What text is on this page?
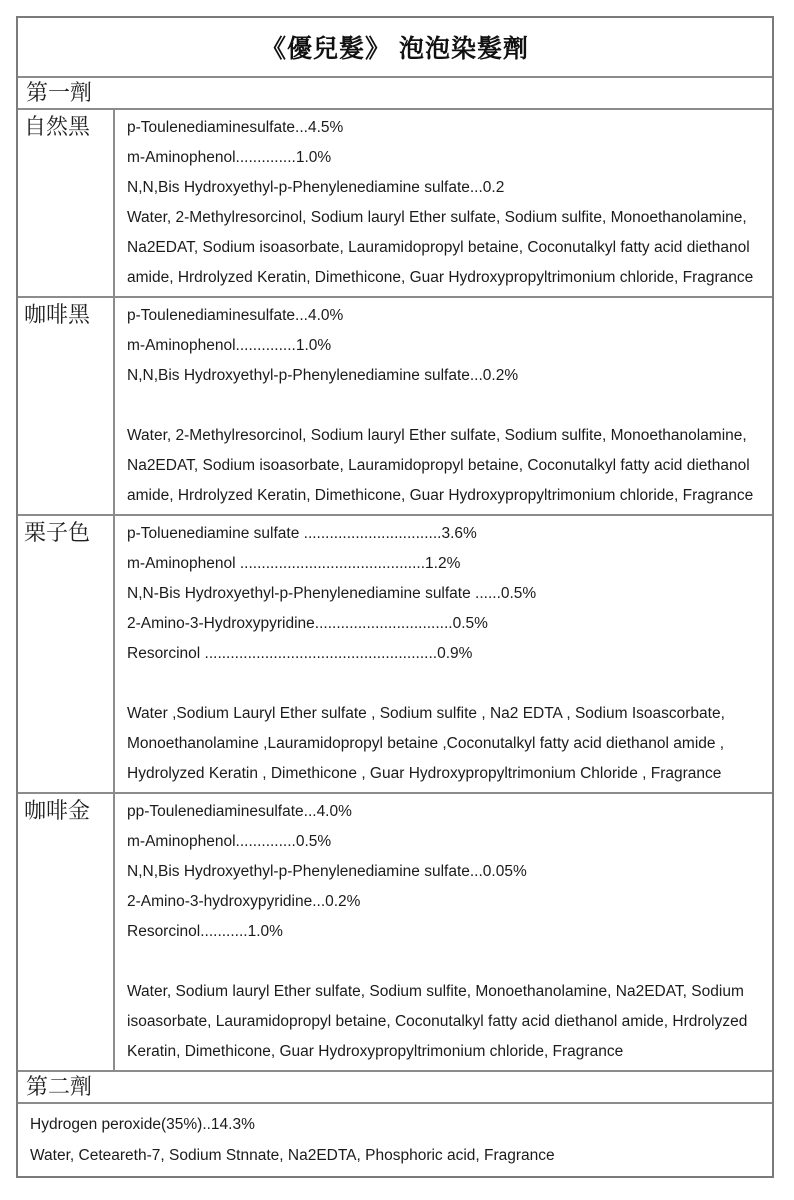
《優兒髮》 泡泡染髮劑
第一劑
自然黑	p-Toulenediaminesulfate...4.5%
m-Aminophenol..............1.0%
N,N,Bis Hydroxyethyl-p-Phenylenediamine sulfate...0.2

Water, 2-Methylresorcinol, Sodium lauryl Ether sulfate, Sodium sulfite, Monoethanolamine, Na2EDAT, Sodium isoasorbate, Lauramidopropyl betaine, Coconutalkyl fatty acid diethanol amide, Hrdrolyzed Keratin, Dimethicone, Guar Hydroxypropyltrimonium chloride, Fragrance

咖啡黑	p-Toulenediaminesulfate...4.0%
m-Aminophenol..............1.0%
N,N,Bis Hydroxyethyl-p-Phenylenediamine sulfate...0.2%

Water, 2-Methylresorcinol, Sodium lauryl Ether sulfate, Sodium sulfite, Monoethanolamine, Na2EDAT, Sodium isoasorbate, Lauramidopropyl betaine, Coconutalkyl fatty acid diethanol amide, Hrdrolyzed Keratin, Dimethicone, Guar Hydroxypropyltrimonium chloride, Fragrance

栗子色	p-Toluenediamine sulfate ................................3.6%
m-Aminophenol ...........................................1.2%
N,N-Bis Hydroxyethyl-p-Phenylenediamine sulfate ......0.5%
2-Amino-3-Hydroxypyridine................................0.5%
Resorcinol ......................................................0.9%

Water ,Sodium Lauryl Ether sulfate , Sodium sulfite , Na2 EDTA , Sodium Isoascorbate, Monoethanolamine ,Lauramidopropyl betaine ,Coconutalkyl fatty acid diethanol amide , Hydrolyzed Keratin , Dimethicone , Guar Hydroxypropyltrimonium Chloride , Fragrance

咖啡金	pp-Toulenediaminesulfate...4.0%
m-Aminophenol..............0.5%
N,N,Bis Hydroxyethyl-p-Phenylenediamine sulfate...0.05%
2-Amino-3-hydroxypyridine...0.2%
Resorcinol...........1.0%

Water, Sodium lauryl Ether sulfate, Sodium sulfite, Monoethanolamine, Na2EDAT, Sodium isoasorbate, Lauramidopropyl betaine, Coconutalkyl fatty acid diethanol amide, Hrdrolyzed Keratin, Dimethicone, Guar Hydroxypropyltrimonium chloride, Fragrance

第二劑
Hydrogen peroxide(35%)..14.3%
Water, Ceteareth-7, Sodium Stnnate, Na2EDTA, Phosphoric acid, Fragrance
